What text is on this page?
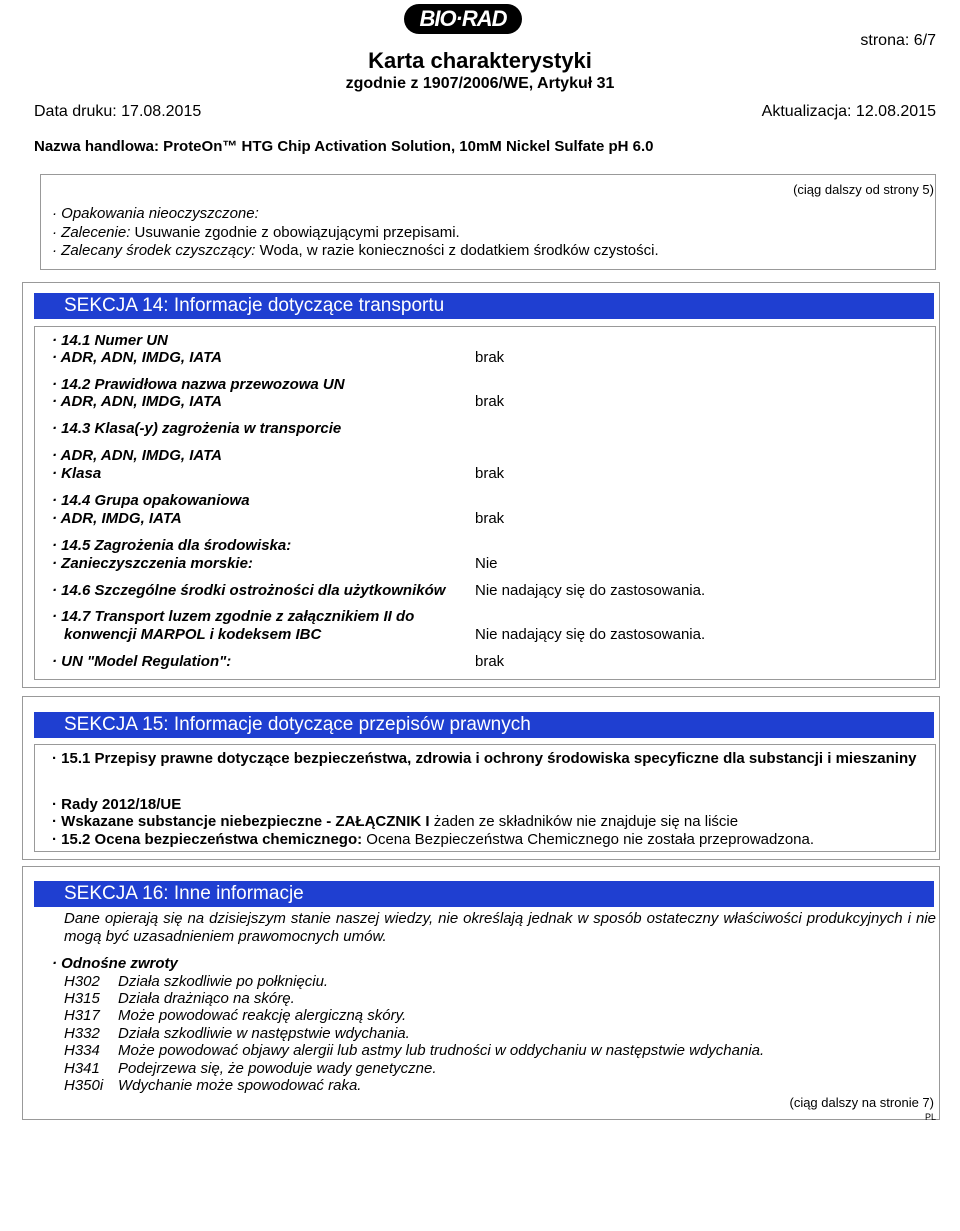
BIO·RAD
strona: 6/7
Karta charakterystyki
zgodnie z 1907/2006/WE, Artykuł 31
Data druku: 17.08.2015	Aktualizacja: 12.08.2015
Nazwa handlowa: ProteOn™ HTG Chip Activation Solution, 10mM Nickel Sulfate pH 6.0
(ciąg dalszy od strony 5)
· Opakowania nieoczyszczone:
· Zalecenie: Usuwanie zgodnie z obowiązującymi przepisami.
· Zalecany środek czyszczący: Woda, w razie konieczności z dodatkiem środków czystości.
SEKCJA 14: Informacje dotyczące transportu
· 14.1 Numer UN
· ADR, ADN, IMDG, IATA	brak
· 14.2 Prawidłowa nazwa przewozowa UN
· ADR, ADN, IMDG, IATA	brak
· 14.3 Klasa(-y) zagrożenia w transporcie
· ADR, ADN, IMDG, IATA
· Klasa	brak
· 14.4 Grupa opakowaniowa
· ADR, IMDG, IATA	brak
· 14.5 Zagrożenia dla środowiska:
· Zanieczyszczenia morskie:	Nie
· 14.6 Szczególne środki ostrożności dla użytkowników Nie nadający się do zastosowania.
· 14.7 Transport luzem zgodnie z załącznikiem II do
konwencji MARPOL i kodeksem IBC	Nie nadający się do zastosowania.
· UN "Model Regulation":	brak
SEKCJA 15: Informacje dotyczące przepisów prawnych
· 15.1 Przepisy prawne dotyczące bezpieczeństwa, zdrowia i ochrony środowiska specyficzne dla substancji i mieszaniny
· Rady 2012/18/UE
· Wskazane substancje niebezpieczne - ZAŁĄCZNIK I żaden ze składników nie znajduje się na liście
· 15.2 Ocena bezpieczeństwa chemicznego: Ocena Bezpieczeństwa Chemicznego nie została przeprowadzona.
SEKCJA 16: Inne informacje
Dane opierają się na dzisiejszym stanie naszej wiedzy, nie określają jednak w sposób ostateczny właściwości produkcyjnych i nie mogą być uzasadnieniem prawomocnych umów.
· Odnośne zwroty
H302 Działa szkodliwie po połknięciu.
H315 Działa drażniąco na skórę.
H317 Może powodować reakcję alergiczną skóry.
H332 Działa szkodliwie w następstwie wdychania.
H334 Może powodować objawy alergii lub astmy lub trudności w oddychaniu w następstwie wdychania.
H341 Podejrzewa się, że powoduje wady genetyczne.
H350i Wdychanie może spowodować raka.
(ciąg dalszy na stronie 7)
PL
